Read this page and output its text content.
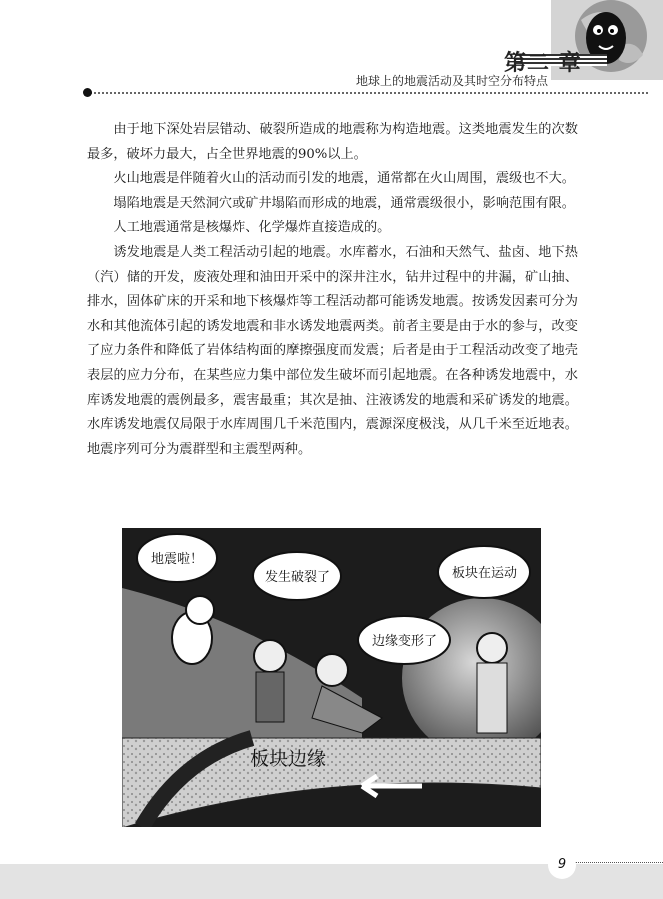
第二 章
地球上的地震活动及其时空分布特点

由于地下深处岩层错动、破裂所造成的地震称为构造地震。这类地震发生的次数最多，破坏力最大，占全世界地震的90%以上。

火山地震是伴随着火山的活动而引发的地震，通常都在火山周围，震级也不大。

塌陷地震是天然洞穴或矿井塌陷而形成的地震，通常震级很小，影响范围有限。

人工地震通常是核爆炸、化学爆炸直接造成的。

诱发地震是人类工程活动引起的地震。水库蓄水，石油和天然气、盐卤、地下热（汽）储的开发，废液处理和油田开采中的深井注水，钻井过程中的井漏，矿山抽、排水，固体矿床的开采和地下核爆炸等工程活动都可能诱发地震。按诱发因素可分为水和其他流体引起的诱发地震和非水诱发地震两类。前者主要是由于水的参与，改变了应力条件和降低了岩体结构面的摩擦强度而发震；后者是由于工程活动改变了地壳表层的应力分布，在某些应力集中部位发生破坏而引起地震。在各种诱发地震中，水库诱发地震的震例最多，震害最重；其次是抽、注液诱发的地震和采矿诱发的地震。水库诱发地震仅局限于水库周围几千米范围内，震源深度极浅，从几千米至近地表。地震序列可分为震群型和主震型两种。

板块边缘
地震啦！
发生破裂了
边缘变形了
板块在运动
9
